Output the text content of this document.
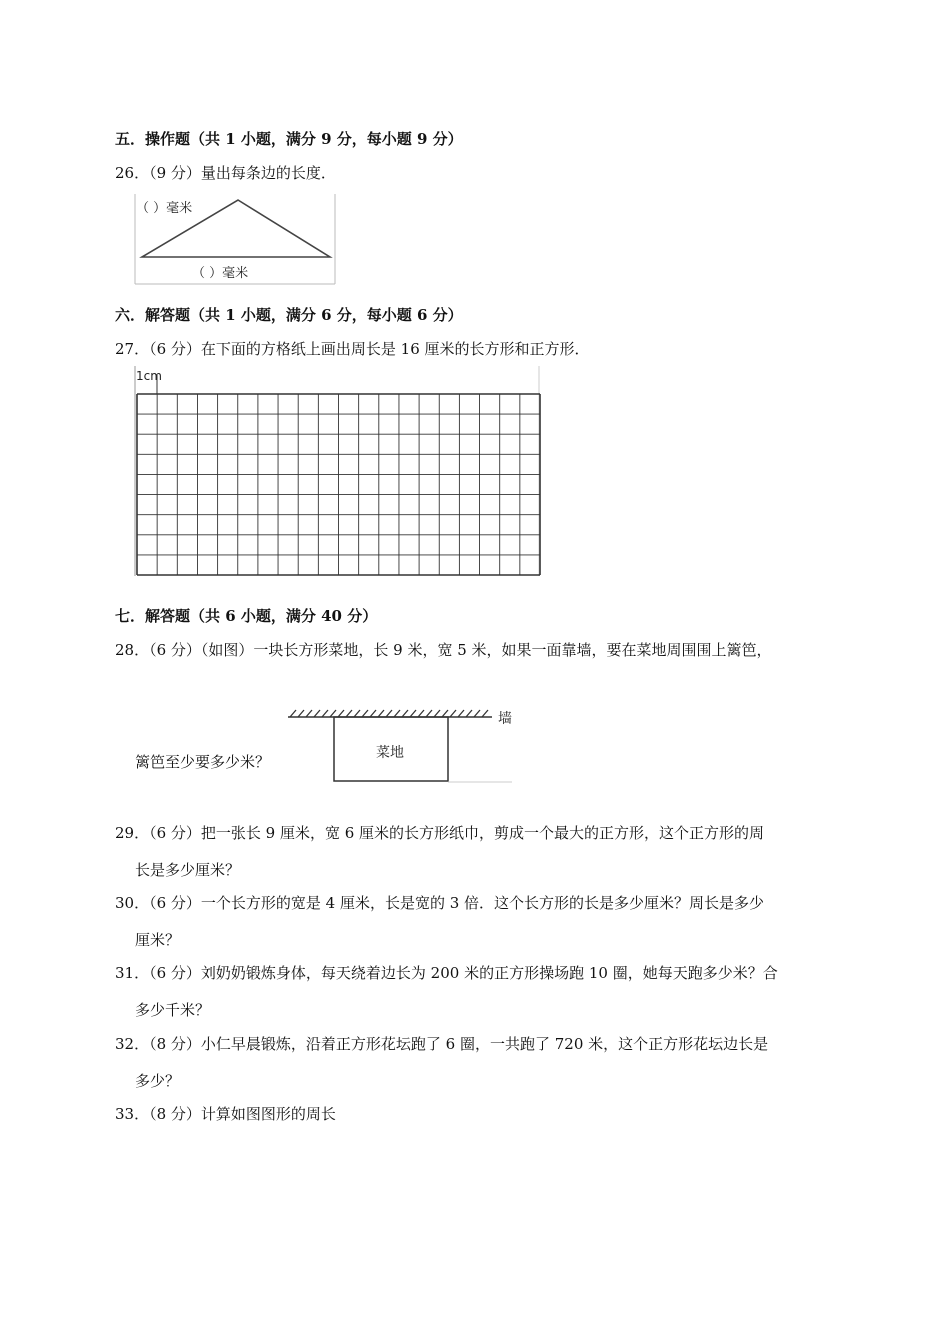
五．操作题（共 1 小题，满分 9 分，每小题 9 分）
26．（9 分）量出每条边的长度．
（ ）毫米
（ ）毫米
六．解答题（共 1 小题，满分 6 分，每小题 6 分）
27．（6 分）在下面的方格纸上画出周长是 16 厘米的长方形和正方形．
1cm
七．解答题（共 6 小题，满分 40 分）
28．（6 分）（如图）一块长方形菜地，长 9 米，宽 5 米，如果一面靠墙，要在菜地周围围上篱笆，
篱笆至少要多少米？
墙
菜地
29．（6 分）把一张长 9 厘米，宽 6 厘米的长方形纸巾，剪成一个最大的正方形，这个正方形的周
长是多少厘米？
30．（6 分）一个长方形的宽是 4 厘米，长是宽的 3 倍．这个长方形的长是多少厘米？周长是多少
厘米？
31．（6 分）刘奶奶锻炼身体，每天绕着边长为 200 米的正方形操场跑 10 圈，她每天跑多少米？合
多少千米？
32．（8 分）小仁早晨锻炼，沿着正方形花坛跑了 6 圈，一共跑了 720 米，这个正方形花坛边长是
多少？
33．（8 分）计算如图图形的周长
